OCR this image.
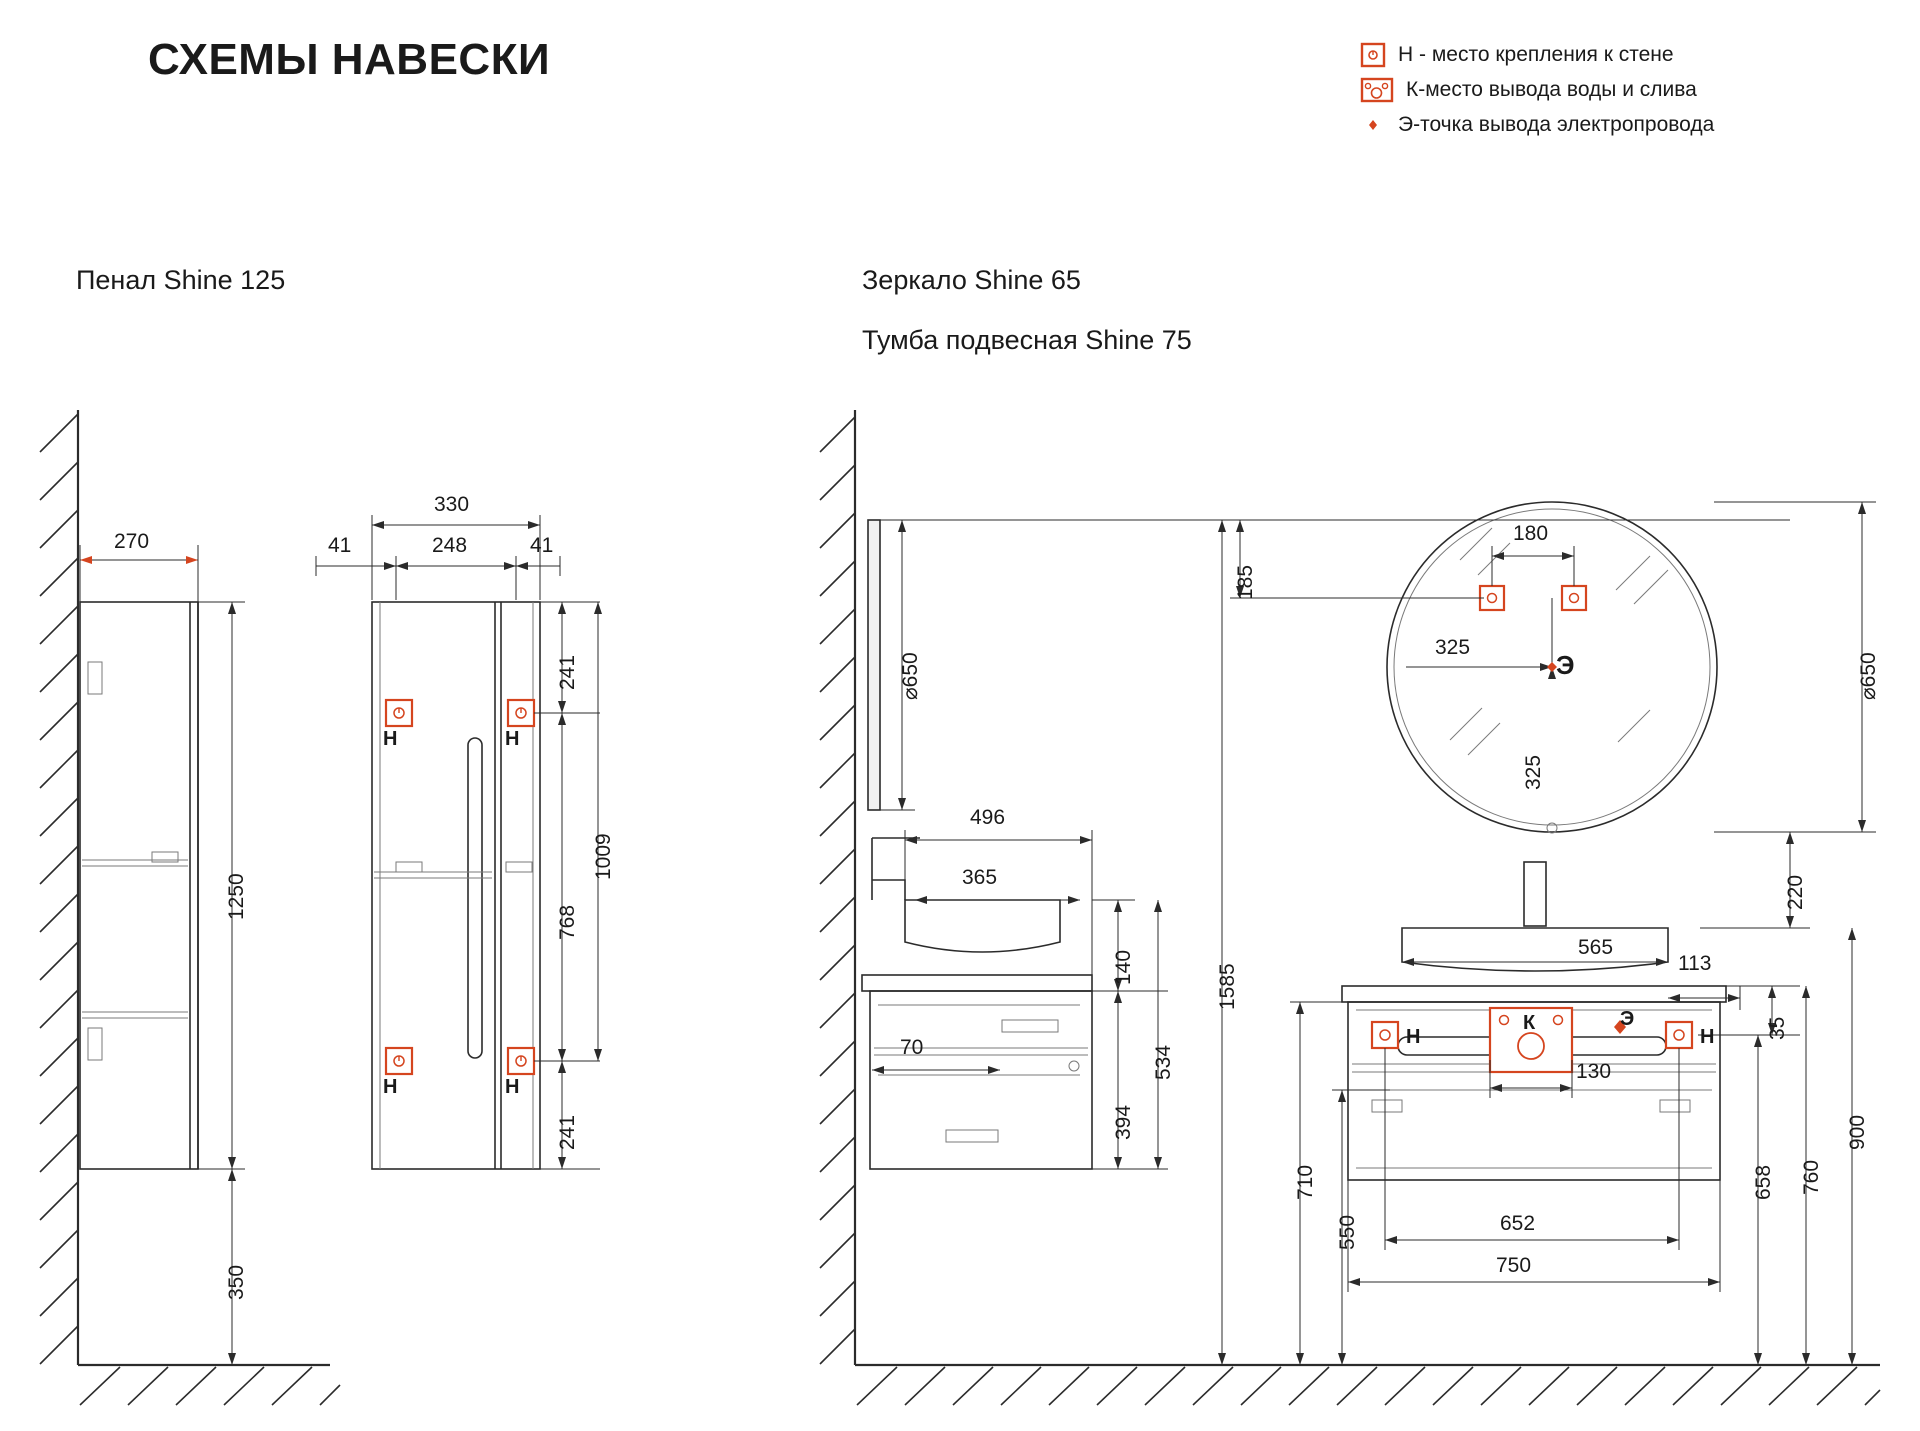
СХЕМЫ НАВЕСКИ	Н - место крепления к стене
К-место вывода воды и слива
Э-точка вывода электропровода
Пенал Shine 125	Зеркало Shine 65
Тумба подвесная Shine 75
270
1250
350
330
41	248	41
241
1009
768
241
Н	Н
Н	Н
⌀650
496
365
70
140
394
534
1585
185
180
325
325
⌀650
220
565
113
35
130
652
750
710
550
658 760
900
Н	Н
К	Э
Э
